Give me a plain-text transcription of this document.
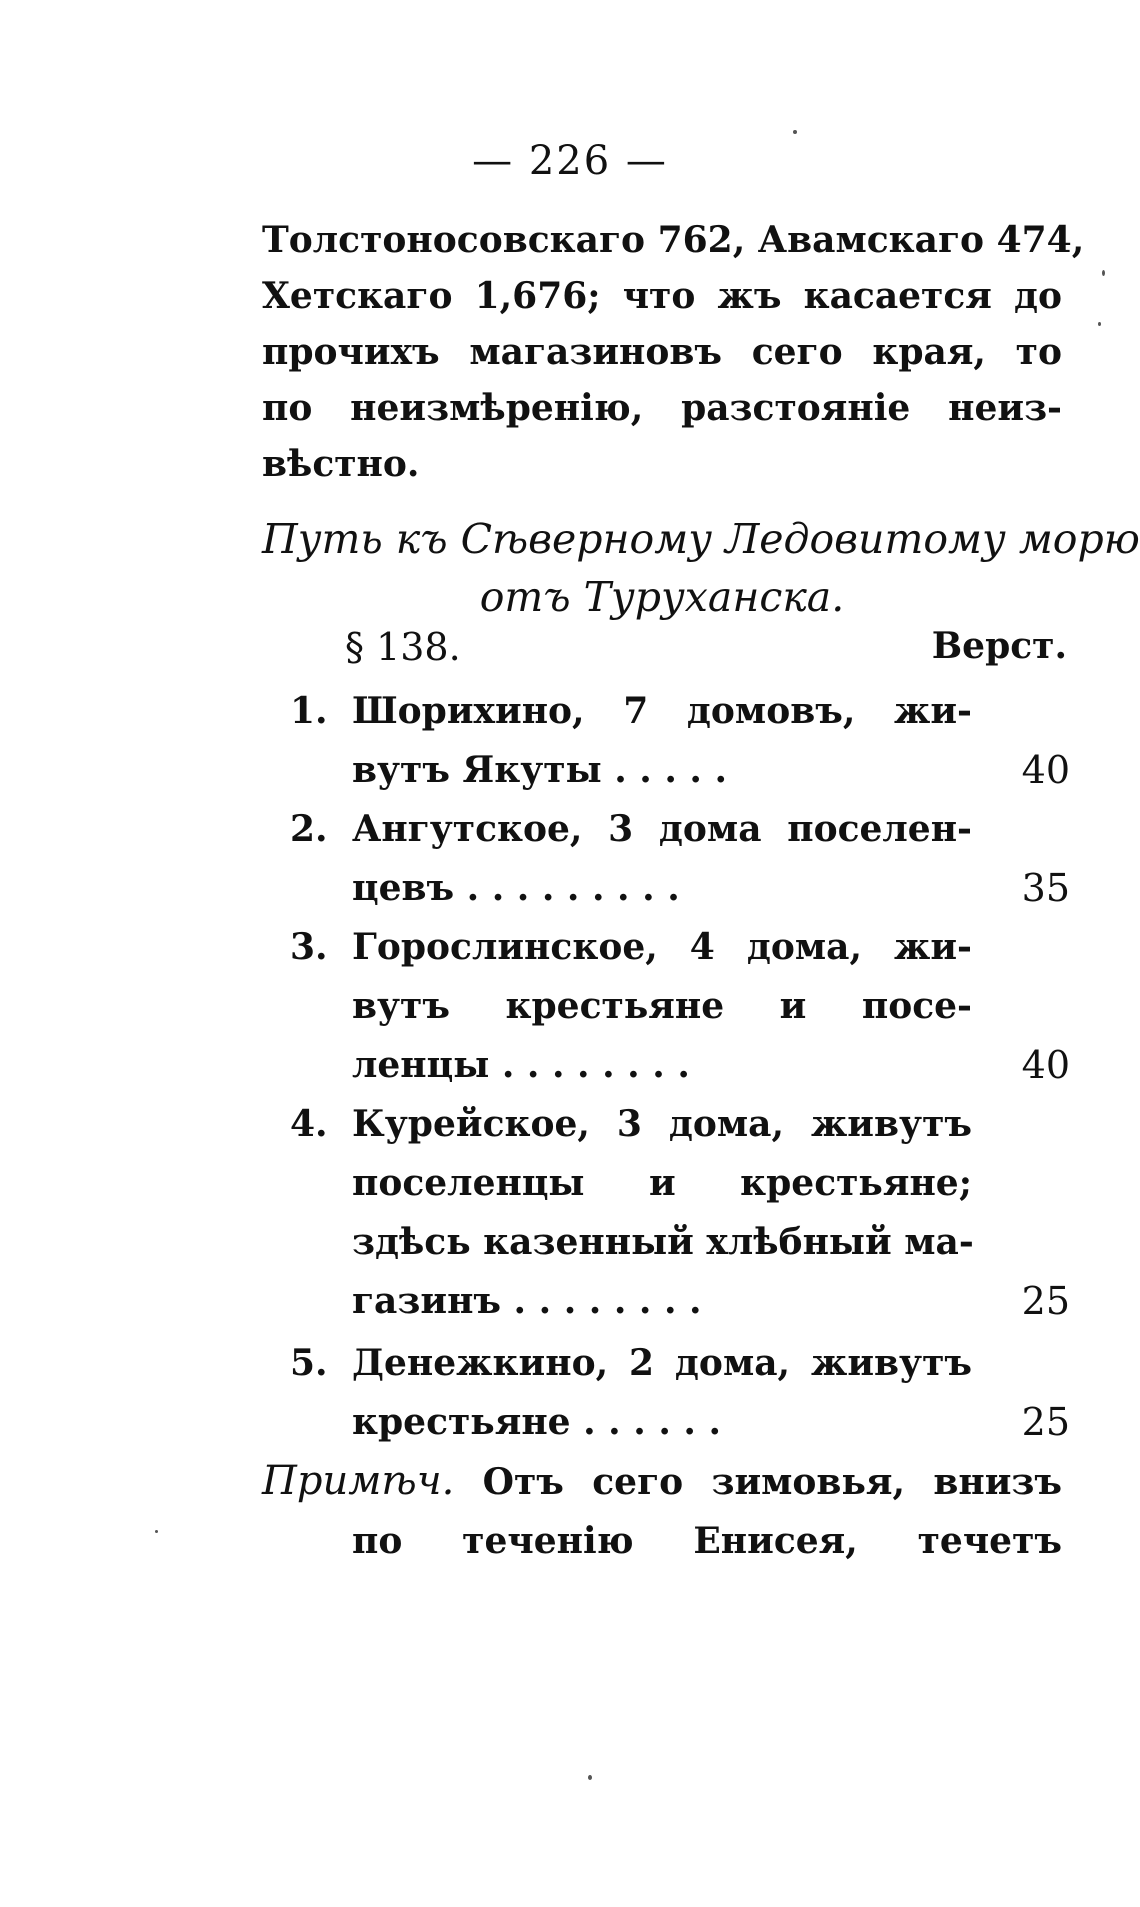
— 226 —
Толстоносовскаго 762, Авамскаго 474,
Хетскаго 1,676; что жъ касается до
прочихъ магазиновъ сего края, то
по неизмѣренію, разстояніе неиз-
вѣстно.
Путь къ Сѣверному Ледовитому морю
отъ Туруханска.
§ 138.	Верст.
1. Шорихино, 7 домовъ, жи-
вутъ Якуты . . . . .	40
2. Ангутское, 3 дома поселен-
цевъ . . . . . . . . .	35
3. Горослинское, 4 дома, жи-
вутъ крестьяне и посе-
ленцы . . . . . . . .	40
4. Курейское, 3 дома, живутъ
поселенцы и крестьяне;
здѣсь казенный хлѣбный ма-
газинъ . . . . . . . .	25
5. Денежкино, 2 дома, живутъ
крестьяне . . . . . .	25
Примѣч. Отъ сего зимовья, внизъ
по теченію Енисея, течетъ
